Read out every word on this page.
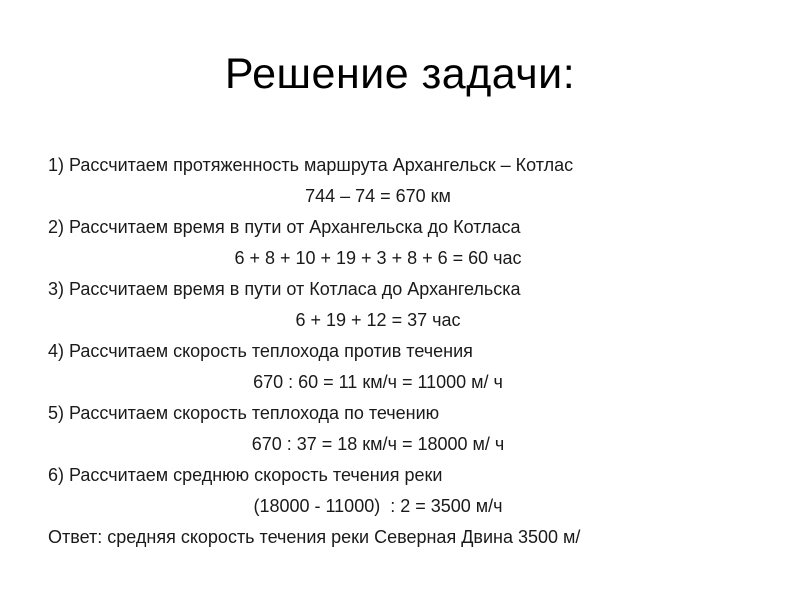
Решение задачи:
1) Рассчитаем протяженность маршрута Архангельск – Котлас
744 – 74 = 670 км
2) Рассчитаем время в пути от Архангельска до Котласа
6 + 8 + 10 + 19 + 3 + 8 + 6 = 60 час
3) Рассчитаем время в пути от Котласа до Архангельска
6 + 19 + 12 = 37 час
4) Рассчитаем скорость теплохода против течения
670 : 60 = 11 км/ч = 11000 м/ ч
5) Рассчитаем скорость теплохода по течению
670 : 37 = 18 км/ч = 18000 м/ ч
6) Рассчитаем среднюю скорость течения реки
(18000 - 11000)  : 2 = 3500 м/ч
Ответ: средняя скорость течения реки Северная Двина 3500 м/
